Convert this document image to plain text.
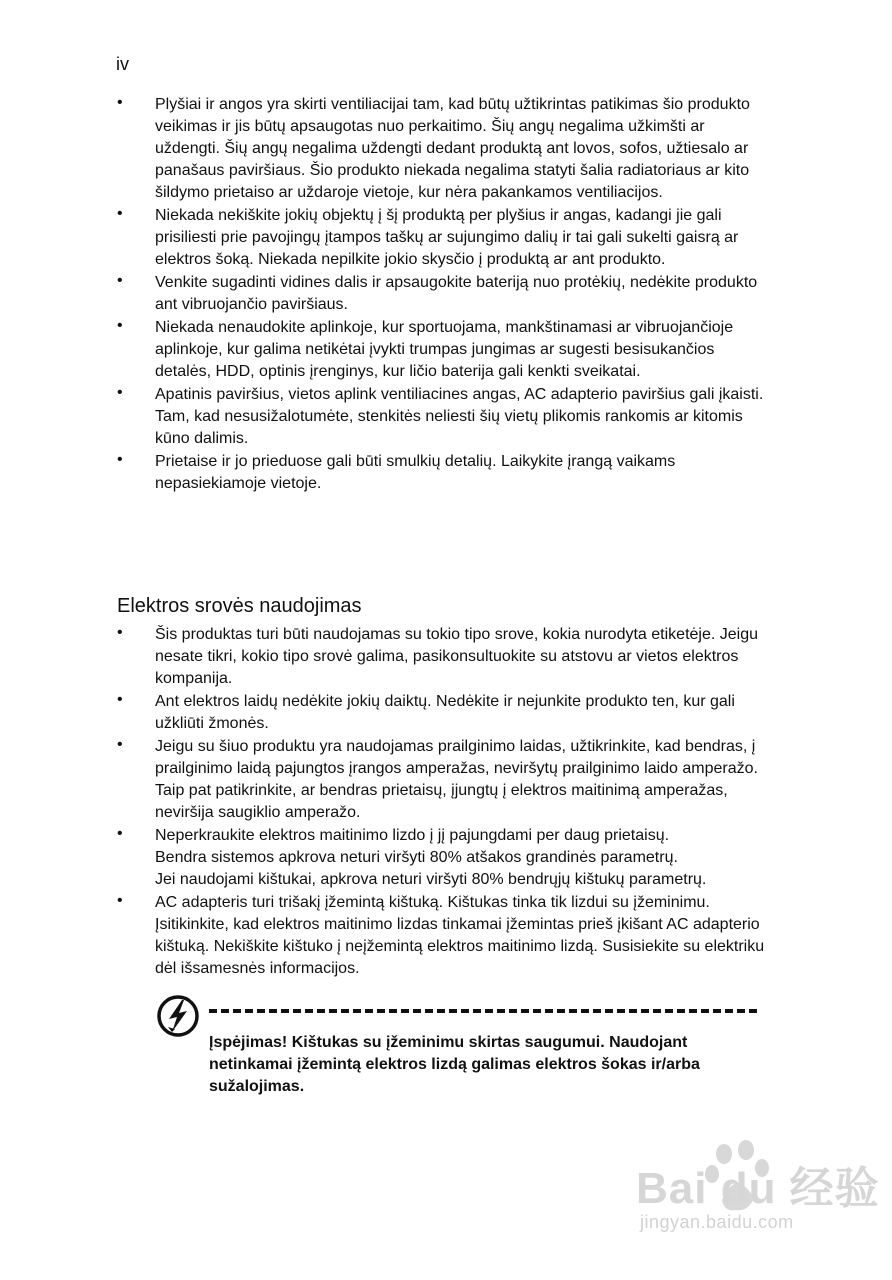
iv
• Plyšiai ir angos yra skirti ventiliacijai tam, kad būtų užtikrintas patikimas šio produkto veikimas ir jis būtų apsaugotas nuo perkaitimo. Šių angų negalima užkimšti ar uždengti. Šių angų negalima uždengti dedant produktą ant lovos, sofos, užtiesalo ar panašaus paviršiaus. Šio produkto niekada negalima statyti šalia radiatoriaus ar kito šildymo prietaiso ar uždaroje vietoje, kur nėra pakankamos ventiliacijos.
• Niekada nekiškite jokių objektų į šį produktą per plyšius ir angas, kadangi jie gali prisiliesti prie pavojingų įtampos taškų ar sujungimo dalių ir tai gali sukelti gaisrą ar elektros šoką. Niekada nepilkite jokio skysčio į produktą ar ant produkto.
• Venkite sugadinti vidines dalis ir apsaugokite bateriją nuo protėkių, nedėkite produkto ant vibruojančio paviršiaus.
• Niekada nenaudokite aplinkoje, kur sportuojama, mankštinamasi ar vibruojančioje aplinkoje, kur galima netikėtai įvykti trumpas jungimas ar sugesti besisukančios detalės, HDD, optinis įrenginys, kur ličio baterija gali kenkti sveikatai.
• Apatinis paviršius, vietos aplink ventiliacines angas, AC adapterio paviršius gali įkaisti. Tam, kad nesusižalotumėte, stenkitės neliesti šių vietų plikomis rankomis ar kitomis kūno dalimis.
• Prietaise ir jo prieduose gali būti smulkių detalių. Laikykite įrangą vaikams nepasiekiamoje vietoje.
Elektros srovės naudojimas
• Šis produktas turi būti naudojamas su tokio tipo srove, kokia nurodyta etiketėje. Jeigu nesate tikri, kokio tipo srovė galima, pasikonsultuokite su atstovu ar vietos elektros kompanija.
• Ant elektros laidų nedėkite jokių daiktų. Nedėkite ir nejunkite produkto ten, kur gali užkliūti žmonės.
• Jeigu su šiuo produktu yra naudojamas prailginimo laidas, užtikrinkite, kad bendras, į prailginimo laidą pajungtos įrangos amperažas, neviršytų prailginimo laido amperažo. Taip pat patikrinkite, ar bendras prietaisų, įjungtų į elektros maitinimą amperažas, neviršija saugiklio amperažo.
• Neperkraukite elektros maitinimo lizdo į jį pajungdami per daug prietaisų.
Bendra sistemos apkrova neturi viršyti 80% atšakos grandinės parametrų.
Jei naudojami kištukai, apkrova neturi viršyti 80% bendrųjų kištukų parametrų.
• AC adapteris turi trišakį įžemintą kištuką. Kištukas tinka tik lizdui su įžeminimu. Įsitikinkite, kad elektros maitinimo lizdas tinkamai įžemintas prieš įkišant AC adapterio kištuką. Nekiškite kištuko į neįžemintą elektros maitinimo lizdą. Susisiekite su elektriku dėl išsamesnės informacijos.
Įspėjimas! Kištukas su įžeminimu skirtas saugumui. Naudojant netinkamai įžemintą elektros lizdą galimas elektros šokas ir/arba sužalojimas.
Bai du 经验
jingyan.baidu.com
